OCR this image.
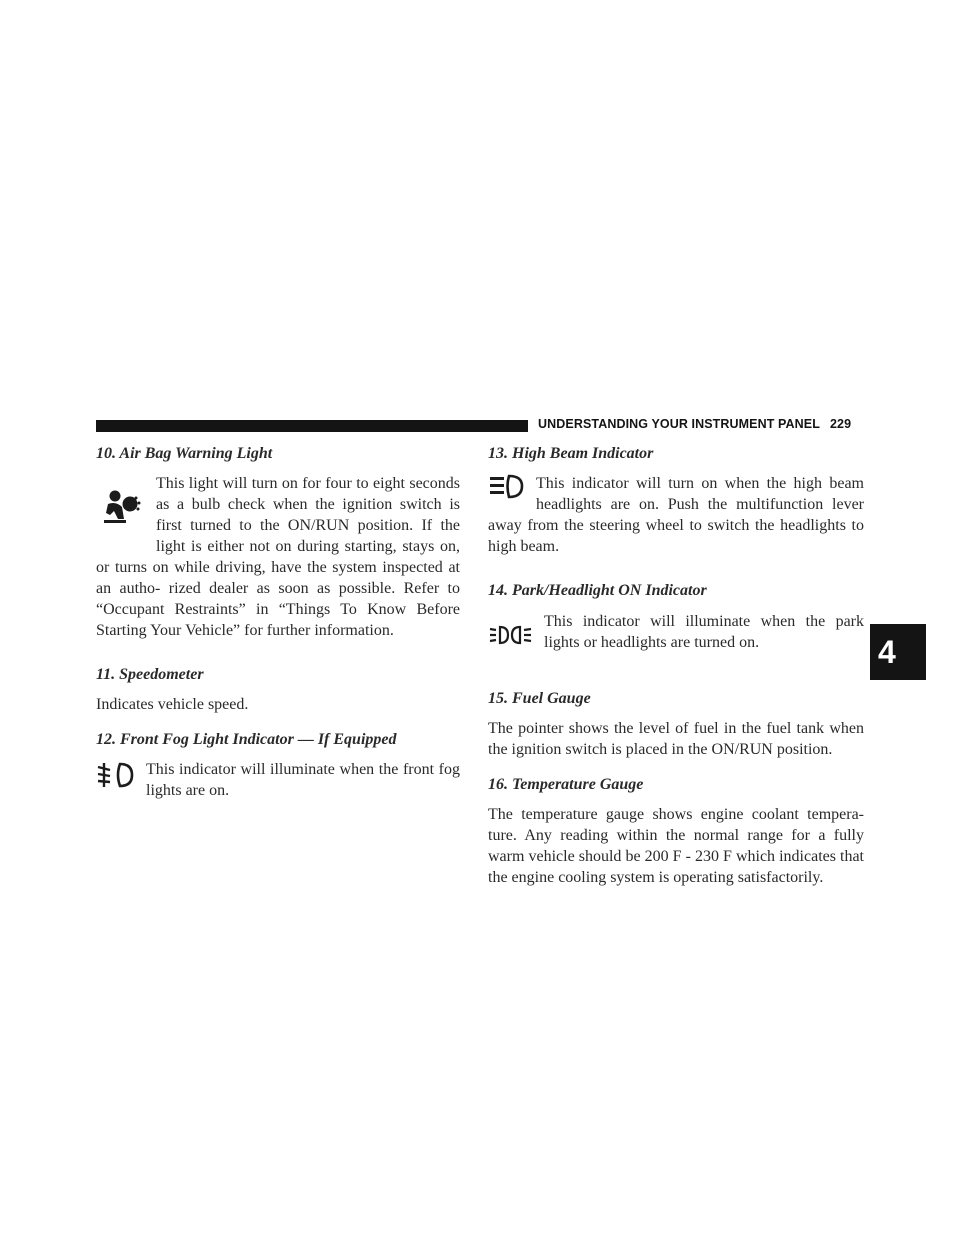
UNDERSTANDING YOUR INSTRUMENT PANEL 229
4
10. Air Bag Warning Light
This light will turn on for four to eight seconds as a bulb check when the ignition switch is first turned to the ON/RUN position. If the light is either not on during starting, stays on, or turns on while driving, have the system inspected at an autho- rized dealer as soon as possible. Refer to “Occupant Restraints” in “Things To Know Before Starting Your Vehicle” for further information.
11. Speedometer
Indicates vehicle speed.
12. Front Fog Light Indicator — If Equipped
This indicator will illuminate when the front fog lights are on.
13. High Beam Indicator
This indicator will turn on when the high beam headlights are on. Push the multifunction lever away from the steering wheel to switch the headlights to high beam.
14. Park/Headlight ON Indicator
This indicator will illuminate when the park lights or headlights are turned on.
15. Fuel Gauge
The pointer shows the level of fuel in the fuel tank when the ignition switch is placed in the ON/RUN position.
16. Temperature Gauge
The temperature gauge shows engine coolant tempera- ture. Any reading within the normal range for a fully warm vehicle should be 200 F - 230 F which indicates that the engine cooling system is operating satisfactorily.
